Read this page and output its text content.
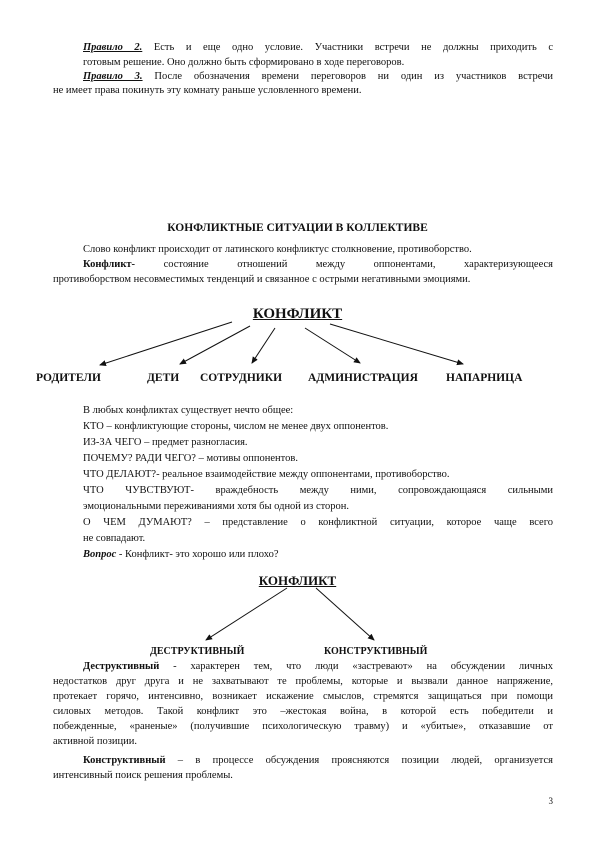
Правило 2. Есть и еще одно условие. Участники встречи не должны приходить с
готовым решение. Оно должно быть сформировано в ходе переговоров.
Правило 3. После обозначения времени переговоров ни один из участников встречи
не имеет права покинуть эту комнату раньше условленного времени.
КОНФЛИКТНЫЕ СИТУАЦИИ В КОЛЛЕКТИВЕ
Слово конфликт происходит от латинского конфликтус столкновение, противоборство.
Конфликт- состояние отношений между оппонентами, характеризующееся
противоборством несовместимых тенденций и связанное с острыми негативными эмоциями.
КОНФЛИКТ
РОДИТЕЛИ	ДЕТИ СОТРУДНИКИ АДМИНИСТРАЦИЯ НАПАРНИЦА
В любых конфликтах существует нечто общее:
КТО – конфликтующие стороны, числом не менее двух оппонентов.
ИЗ-ЗА ЧЕГО – предмет разногласия.
ПОЧЕМУ? РАДИ ЧЕГО? – мотивы оппонентов.
ЧТО ДЕЛАЮТ?- реальное взаимодействие между оппонентами, противоборство.
ЧТО ЧУВСТВУЮТ- враждебность между ними, сопровождающаяся сильными
эмоциональными переживаниями хотя бы одной из сторон.
О ЧЕМ ДУМАЮТ? – представление о конфликтной ситуации, которое чаще всего
не совпадают.
Вопрос - Конфликт- это хорошо или плохо?
КОНФЛИКТ
ДЕСТРУКТИВНЫЙ	КОНСТРУКТИВНЫЙ
Деструктивный - характерен тем, что люди «застревают» на обсуждении личных
недостатков друг друга и не захватывают те проблемы, которые и вызвали данное напряжение,
протекает горячо, интенсивно, возникает искажение смыслов, стремятся защищаться при помощи
силовых методов. Такой конфликт это –жестокая война, в которой есть победители и
побежденные, «раненые» (получившие психологическую травму) и «убитые», отказавшие от
активной позиции.
Конструктивный – в процессе обсуждения проясняются позиции людей, организуется
интенсивный поиск решения проблемы.
3
